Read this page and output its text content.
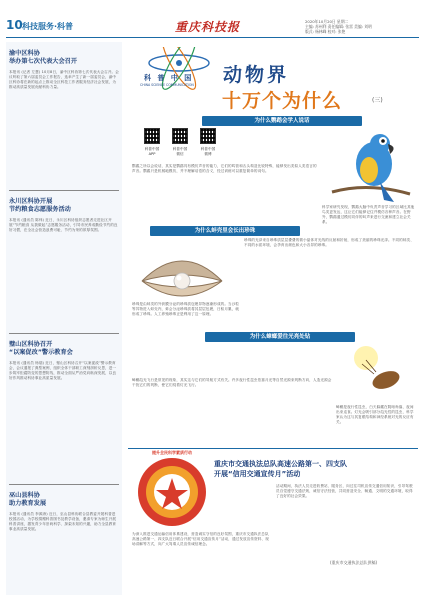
10 科技服务·科普	重庆科技报	2020年10月20日 星期二
主编: 苏州利 责任编辑: 张雷 美编: 刘明
版式: 杨林峰 校对: 张艳
渝中区科协
举办第七次代表大会召开
本报讯 (记者 左慧) 10月8日，渝中区科协第七次代表大会召开。会议听取了第六届委员会工作报告，选举产生了新一届委员会，渝中区科协将在新的起点上推动全区科技工作者服务经济社会发展，为推动高质量发展贡献科协力量。
永川区科协开展
节约粮食志愿服务活动
本报讯 (通讯员 陈炜) 近日，永川区科协组织志愿者走进社区开展“节约粮食 从我做起”志愿服务活动，引导市民养成勤俭节约的良好习惯，在全社会营造浪费可耻、节约为荣的浓厚氛围。
璧山区科协召开
“以案促改”警示教育会
本报讯 (通讯员 杨瑞) 近日，璧山区科协召开“以案促改”警示教育会，会议通报了典型案例，组织全体干部职工深刻剖析反思，进一步筑牢拒腐防变的思想防线，推动全面从严治党向纵深发展，以良好作风推动科协事业高质量发展。
巫山县科协
助力教育发展
本报讯 (通讯员 李源涛) 近日，巫山县科协联合县教委开展科普进校园活动，为学校捐赠科普图书及教学设备，邀请专家为师生开展科普讲座，激发青少年崇尚科学、探索未知的兴趣，助力全县教育事业高质量发展。
科 普 中 国
CHINA SCIENCE COMMUNICATION 动物界
十万个为什么	(三)
为什么鹦鹉会学人说话
科普中国
APP
科普中国
微信
科普中国
微博
鹦鹉之所以会说话，其实是鹦鹉具有模仿声音的能力，它们的鸣管和舌头构造比较特殊，能够发出类似人类语言的声音。鹦鹉只是机械地模仿，并不理解话语的含义，经过训练可以重复简单的词句。
科学家研究发现，鹦鹉大脑中负责声音学习的区域比其他鸟类更发达，这让它们能够记住并模仿各种声音。在野外，鹦鹉通过模仿同伴的叫声来进行交流和建立社会关系。
为什么蚌壳里会长出珍珠
珍珠是由蚌类的外套膜分泌的珍珠质包裹异物逐渐形成的。当沙粒等异物进入蚌壳内，蚌会分泌珍珠质将其层层包裹，日积月累，就形成了珍珠。人工养殖珍珠正是利用了这一原理。
珍珠的光泽来自珍珠质层层叠叠的微小晶体对光线的反射和折射，形成了美丽的珍珠光泽。不同的蚌类、不同的水质环境，会孕育出颜色和大小各异的珍珠。
为什么蟑螂爱往光亮处钻
蟑螂趋光飞行是常见的现象，其实这与它们的导航方式有关。许多夜行性昆虫依靠月光等自然光源来判断方向，人造光源会干扰它们的判断，使它们绕着灯光飞行。
蟑螂是夜行性昆虫，白天躲藏在阴暗角落，夜间出来觅食。灯光会吸引部分趋光性的昆虫，科学家认为这与其复眼结构和神经系统对光的反应有关。
提升全民科学素质行动
重庆市交通执法总队高速公路第一、四支队
开展“信用交通宣传月”活动
为深入推进交通运输信用体系建设，营造诚实守信的良好氛围，重庆市交通执法总队高速公路第一、四支队近日联合开展“信用交通宣传月”活动，通过发放宣传资料、现场讲解等方式，向广大驾乘人员宣传诚信理念。
活动期间，执法人员走进收费站、服务区，向过往司机宣传交通信用知识，引导驾驶员自觉遵守交通法规，诚信守法经营，共同营造安全、畅通、文明的交通环境，取得了良好的社会效果。
(重庆市交通执法总队供稿)
